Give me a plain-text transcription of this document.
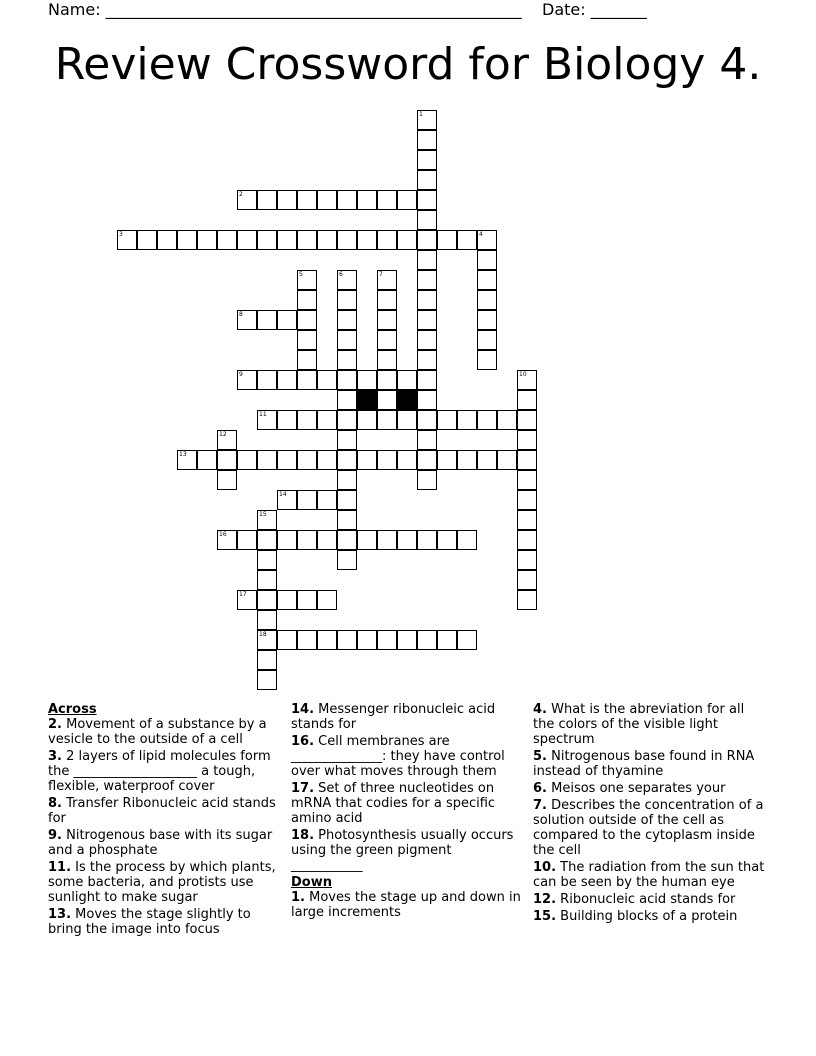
Name: ____________________________________________________ Date: _______
Review Crossword for Biology 4.
1
2
3	4
5	6	7
8
9	10
11
12
13
14
15
18
16
17
Across
2. Movement of a substance by a vesicle to the outside of a cell
3. 2 layers of lipid molecules form the ___________________ a tough, flexible, waterproof cover
8. Transfer Ribonucleic acid stands for
9. Nitrogenous base with its sugar and a phosphate
11. Is the process by which plants, some bacteria, and protists use sunlight to make sugar
13. Moves the stage slightly to bring the image into focus
14. Messenger ribonucleic acid stands for
16. Cell membranes are ______________: they have control over what moves through them
17. Set of three nucleotides on mRNA that codies for a specific amino acid
18. Photosynthesis usually occurs using the green pigment ___________
Down
1. Moves the stage up and down in large increments
4. What is the abreviation for all the colors of the visible light spectrum
5. Nitrogenous base found in RNA instead of thyamine
6. Meisos one separates your
7. Describes the concentration of a solution outside of the cell as compared to the cytoplasm inside the cell
10. The radiation from the sun that can be seen by the human eye
12. Ribonucleic acid stands for
15. Building blocks of a protein
